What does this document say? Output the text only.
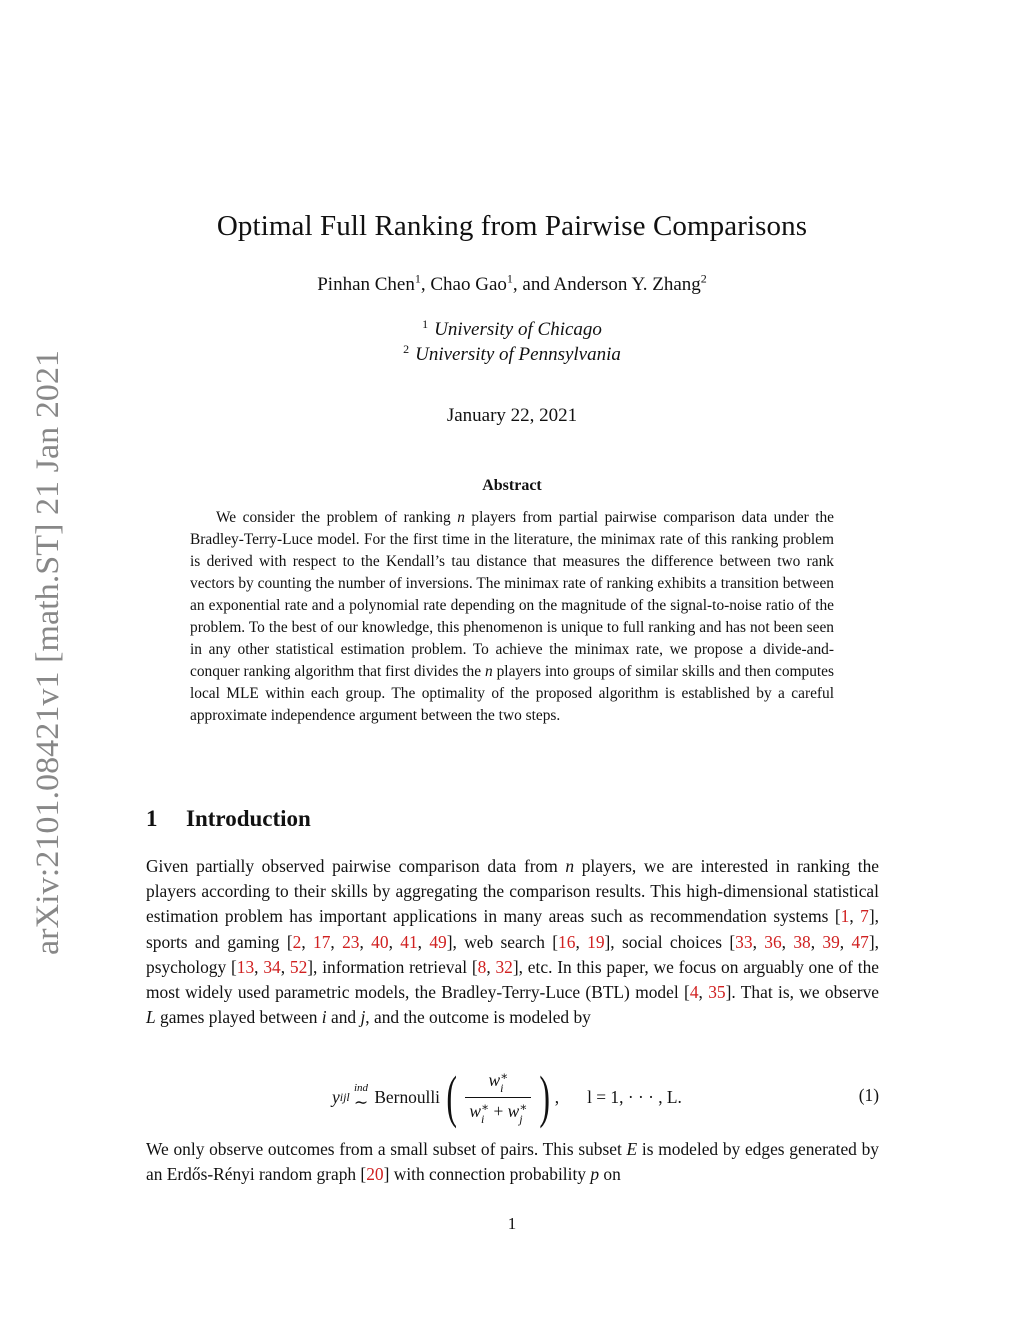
arXiv:2101.08421v1 [math.ST] 21 Jan 2021
Optimal Full Ranking from Pairwise Comparisons
Pinhan Chen$^1$, Chao Gao$^1$, and Anderson Y. Zhang$^2$
$^1$ University of Chicago
$^2$ University of Pennsylvania
January 22, 2021
Abstract

We consider the problem of ranking n players from partial pairwise comparison data under the Bradley-Terry-Luce model. For the first time in the literature, the minimax rate of this ranking problem is derived with respect to the Kendall’s tau distance that measures the difference between two rank vectors by counting the number of inversions. The minimax rate of ranking exhibits a transition between an exponential rate and a polynomial rate depending on the magnitude of the signal-to-noise ratio of the problem. To the best of our knowledge, this phenomenon is unique to full ranking and has not been seen in any other statistical estimation problem. To achieve the minimax rate, we propose a divide-and-conquer ranking algorithm that first divides the n players into groups of similar skills and then computes local MLE within each group. The optimality of the proposed algorithm is established by a careful approximate independence argument between the two steps.

1 Introduction

Given partially observed pairwise comparison data from n players, we are interested in ranking the players according to their skills by aggregating the comparison results. This high-dimensional statistical estimation problem has important applications in many areas such as recommendation systems [1, 7], sports and gaming [2, 17, 23, 40, 41, 49], web search [16, 19], social choices [33, 36, 38, 39, 47], psychology [13, 34, 52], information retrieval [8, 32], etc. In this paper, we focus on arguably one of the most widely used parametric models, the Bradley-Terry-Luce (BTL) model [4, 35]. That is, we observe L games played between i and j, and the outcome is modeled by

y ijl
ind
∼ Bernoulli ( w ∗
i
w ∗
i + w ∗
j ) , l = 1, · · · , L.	(1)

We only observe outcomes from a small subset of pairs. This subset E is modeled by edges generated by an Erdős-Rényi random graph [20] with connection probability p on

1
